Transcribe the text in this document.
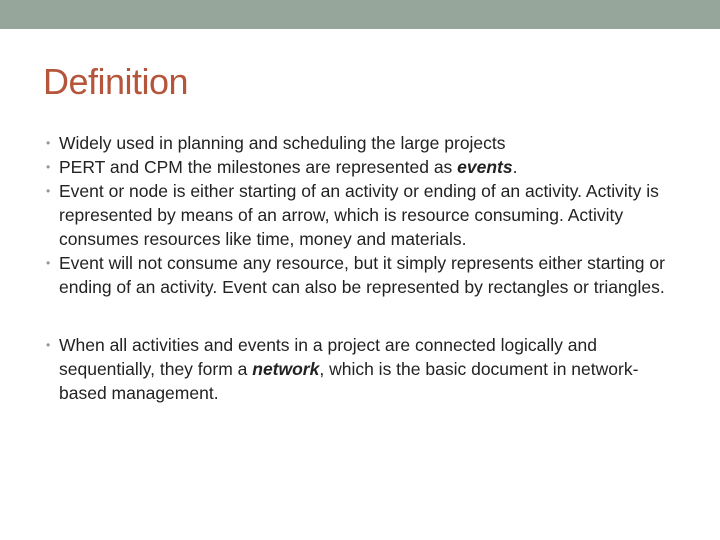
Definition
• Widely used in planning and scheduling the large projects
• PERT and CPM the milestones are represented as events.
• Event or node is either starting of an activity or ending of an activity. Activity is represented by means of an arrow, which is resource consuming. Activity consumes resources like time, money and materials.
• Event will not consume any resource, but it simply represents either starting or ending of an activity. Event can also be represented by rectangles or triangles.
• When all activities and events in a project are connected logically and sequentially, they form a network, which is the basic document in network-based management.
